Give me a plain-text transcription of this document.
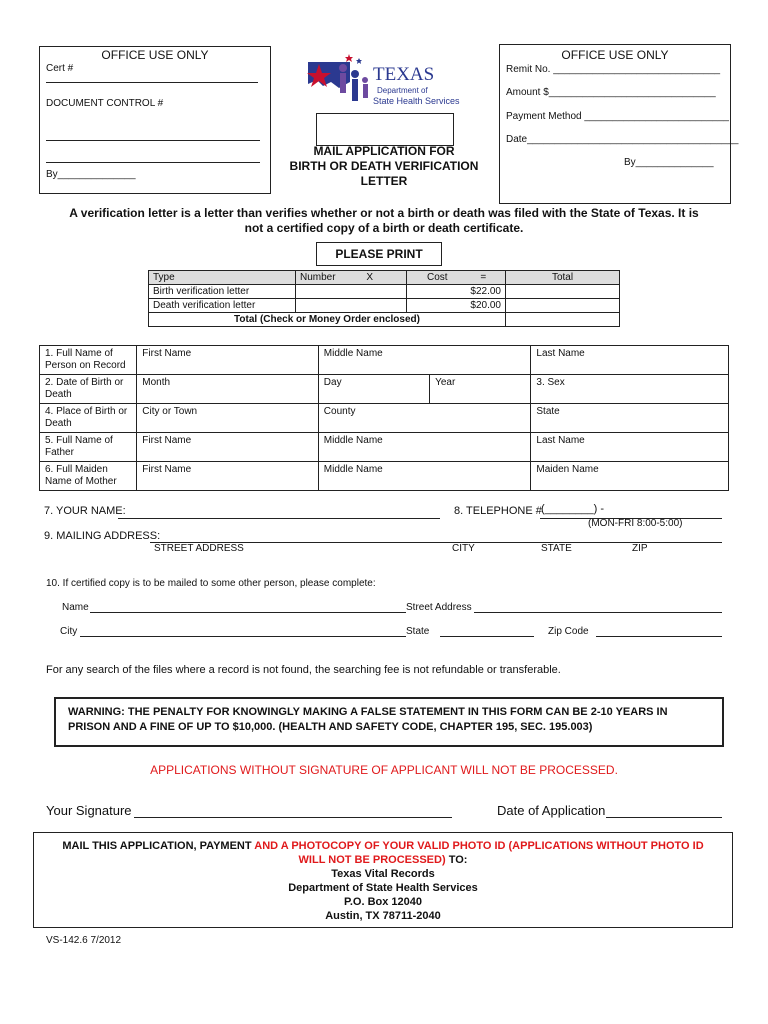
OFFICE USE ONLY
Cert #
DOCUMENT CONTROL #
By______________
TEXAS
Department of
State Health Services
MAIL APPLICATION FOR
BIRTH OR DEATH VERIFICATION
LETTER
OFFICE USE ONLY
Remit No. ______________________________
Amount $______________________________
Payment Method __________________________
Date______________________________________
By______________
A verification letter is a letter than verifies whether or not a birth or death was filed with the State of Texas. It is
not a certified copy of a birth or death certificate.
PLEASE PRINT
Type	Number X	Cost =	Total
Birth verification letter		$22.00	
Death verification letter		$20.00	
Total (Check or Money Order enclosed)			
1. Full Name of Person on Record	First Name	Middle Name		Last Name
2. Date of Birth or Death	Month	Day	Year	3. Sex
4. Place of Birth or Death	City or Town	County		State
5. Full Name of Father	First Name	Middle Name		Last Name
6. Full Maiden Name of Mother	First Name	Middle Name		Maiden Name
7. YOUR NAME:	8. TELEPHONE # (________) -
(MON-FRI 8:00-5:00)
9. MAILING ADDRESS:
STREET ADDRESS	CITY	STATE	ZIP
10. If certified copy is to be mailed to some other person, please complete:
Name	Street Address
City	State	Zip Code
For any search of the files where a record is not found, the searching fee is not refundable or transferable.
WARNING: THE PENALTY FOR KNOWINGLY MAKING A FALSE STATEMENT IN THIS FORM CAN BE 2-10 YEARS IN
PRISON AND A FINE OF UP TO $10,000. (HEALTH AND SAFETY CODE, CHAPTER 195, SEC. 195.003)
APPLICATIONS WITHOUT SIGNATURE OF APPLICANT WILL NOT BE PROCESSED.
Your Signature	Date of Application
MAIL THIS APPLICATION, PAYMENT AND A PHOTOCOPY OF YOUR VALID PHOTO ID (APPLICATIONS WITHOUT PHOTO ID
WILL NOT BE PROCESSED) TO:
Texas Vital Records
Department of State Health Services
P.O. Box 12040
Austin, TX 78711-2040
VS-142.6 7/2012
